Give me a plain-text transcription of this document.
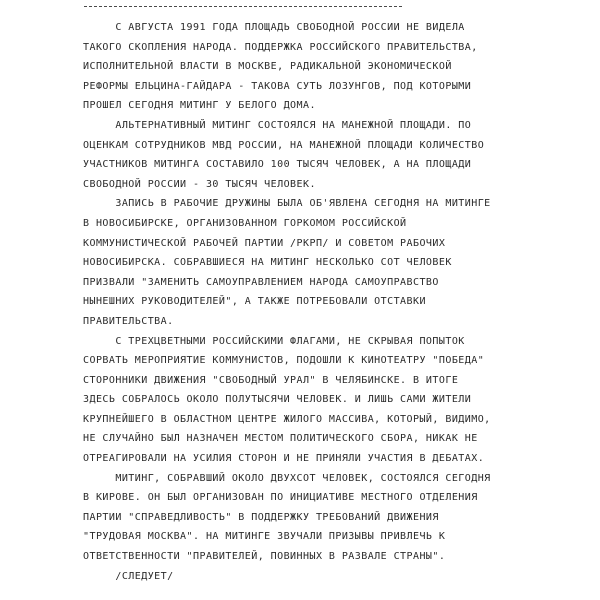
С АВГУСТА 1991 ГОДА ПЛОЩАДЬ СВОБОДНОЙ РОССИИ НЕ ВИДЕЛА
ТАКОГО СКОПЛЕНИЯ НАРОДА. ПОДДЕРЖКА РОССИЙСКОГО ПРАВИТЕЛЬСТВА,
ИСПОЛНИТЕЛЬНОЙ ВЛАСТИ В МОСКВЕ, РАДИКАЛЬНОЙ ЭКОНОМИЧЕСКОЙ
РЕФОРМЫ ЕЛЬЦИНА-ГАЙДАРА - ТАКОВА СУТЬ ЛОЗУНГОВ, ПОД КОТОРЫМИ
ПРОШЕЛ СЕГОДНЯ МИТИНГ У БЕЛОГО ДОМА.
АЛЬТЕРНАТИВНЫЙ МИТИНГ СОСТОЯЛСЯ НА МАНЕЖНОЙ ПЛОЩАДИ. ПО
ОЦЕНКАМ СОТРУДНИКОВ МВД РОССИИ, НА МАНЕЖНОЙ ПЛОЩАДИ КОЛИЧЕСТВО
УЧАСТНИКОВ МИТИНГА СОСТАВИЛО 100 ТЫСЯЧ ЧЕЛОВЕК, А НА ПЛОЩАДИ
СВОБОДНОЙ РОССИИ - 30 ТЫСЯЧ ЧЕЛОВЕК.
ЗАПИСЬ В РАБОЧИЕ ДРУЖИНЫ БЫЛА ОБ'ЯВЛЕНА СЕГОДНЯ НА МИТИНГЕ
В НОВОСИБИРСКЕ, ОРГАНИЗОВАННОМ ГОРКОМОМ РОССИЙСКОЙ
КОММУНИСТИЧЕСКОЙ РАБОЧЕЙ ПАРТИИ /РКРП/ И СОВЕТОМ РАБОЧИХ
НОВОСИБИРСКА. СОБРАВШИЕСЯ НА МИТИНГ НЕСКОЛЬКО СОТ ЧЕЛОВЕК
ПРИЗВАЛИ "ЗАМЕНИТЬ САМОУПРАВЛЕНИЕМ НАРОДА САМОУПРАВСТВО
НЫНЕШНИХ РУКОВОДИТЕЛЕЙ", А ТАКЖЕ ПОТРЕБОВАЛИ ОТСТАВКИ
ПРАВИТЕЛЬСТВА.
С ТРЕХЦВЕТНЫМИ РОССИЙСКИМИ ФЛАГАМИ, НЕ СКРЫВАЯ ПОПЫТОК
СОРВАТЬ МЕРОПРИЯТИЕ КОММУНИСТОВ, ПОДОШЛИ К КИНОТЕАТРУ "ПОБЕДА"
СТОРОННИКИ ДВИЖЕНИЯ "СВОБОДНЫЙ УРАЛ" В ЧЕЛЯБИНСКЕ. В ИТОГЕ
ЗДЕСЬ СОБРАЛОСЬ ОКОЛО ПОЛУТЫСЯЧИ ЧЕЛОВЕК. И ЛИШЬ САМИ ЖИТЕЛИ
КРУПНЕЙШЕГО В ОБЛАСТНОМ ЦЕНТРЕ ЖИЛОГО МАССИВА, КОТОРЫЙ, ВИДИМО,
НЕ СЛУЧАЙНО БЫЛ НАЗНАЧЕН МЕСТОМ ПОЛИТИЧЕСКОГО СБОРА, НИКАК НЕ
ОТРЕАГИРОВАЛИ НА УСИЛИЯ СТОРОН И НЕ ПРИНЯЛИ УЧАСТИЯ В ДЕБАТАХ.
МИТИНГ, СОБРАВШИЙ ОКОЛО ДВУХСОТ ЧЕЛОВЕК, СОСТОЯЛСЯ СЕГОДНЯ
В КИРОВЕ. ОН БЫЛ ОРГАНИЗОВАН ПО ИНИЦИАТИВЕ МЕСТНОГО ОТДЕЛЕНИЯ
ПАРТИИ "СПРАВЕДЛИВОСТЬ" В ПОДДЕРЖКУ ТРЕБОВАНИЙ ДВИЖЕНИЯ
"ТРУДОВАЯ МОСКВА". НА МИТИНГЕ ЗВУЧАЛИ ПРИЗЫВЫ ПРИВЛЕЧЬ К
ОТВЕТСТВЕННОСТИ "ПРАВИТЕЛЕЙ, ПОВИННЫХ В РАЗВАЛЕ СТРАНЫ".
/СЛЕДУЕТ/
